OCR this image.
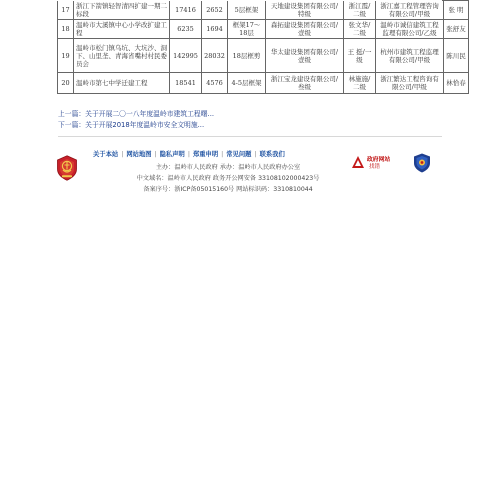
17	浙江下箭镇轻智清四扩建一期二标段	17416	2652	5层框架	天地建设集团有限公司/特级	浙江霞/二级	浙江嘉工程管理咨询有限公司/甲级	张 明
18	温岭市大溪镇中心小学改扩建工程	6235	1694	框架17～18层	森拓建设集团有限公司/壹级	张文华/二级	温岭市诚信建筑工程监理有限公司/乙级	张舒友
19	温岭市松门镇乌坑、大坑沙、洞下、山里垄、青海省嘴村村民委员会	142995	28032	18层框剪	华太建设集团有限公司/壹级	王 挺/一级	杭州市建筑工程监理有限公司/甲级	陈川民
20	温岭市第七中学迁建工程	18541	4576	4-5层框架	浙江宝龙建设有限公司/叁级	林施施/二级	浙江繁达工程咨询有限公司/甲级	林恰春
上一篇：关于开展二〇一八年度温岭市建筑工程曙...
下一篇：关于开展2018年度温岭市安全文明施...
关于本站 | 网站地图 | 隐私声明 | 郑重申明 | 常见问题 | 联系我们
主办：温岭市人民政府 承办：温岭市人民政府办公室
中文域名：温岭市人民政府 政务开公网安备 33108102000423号
备案序号：浙ICP备05015160号 网站标识码：3310810044
政府网站
找错
